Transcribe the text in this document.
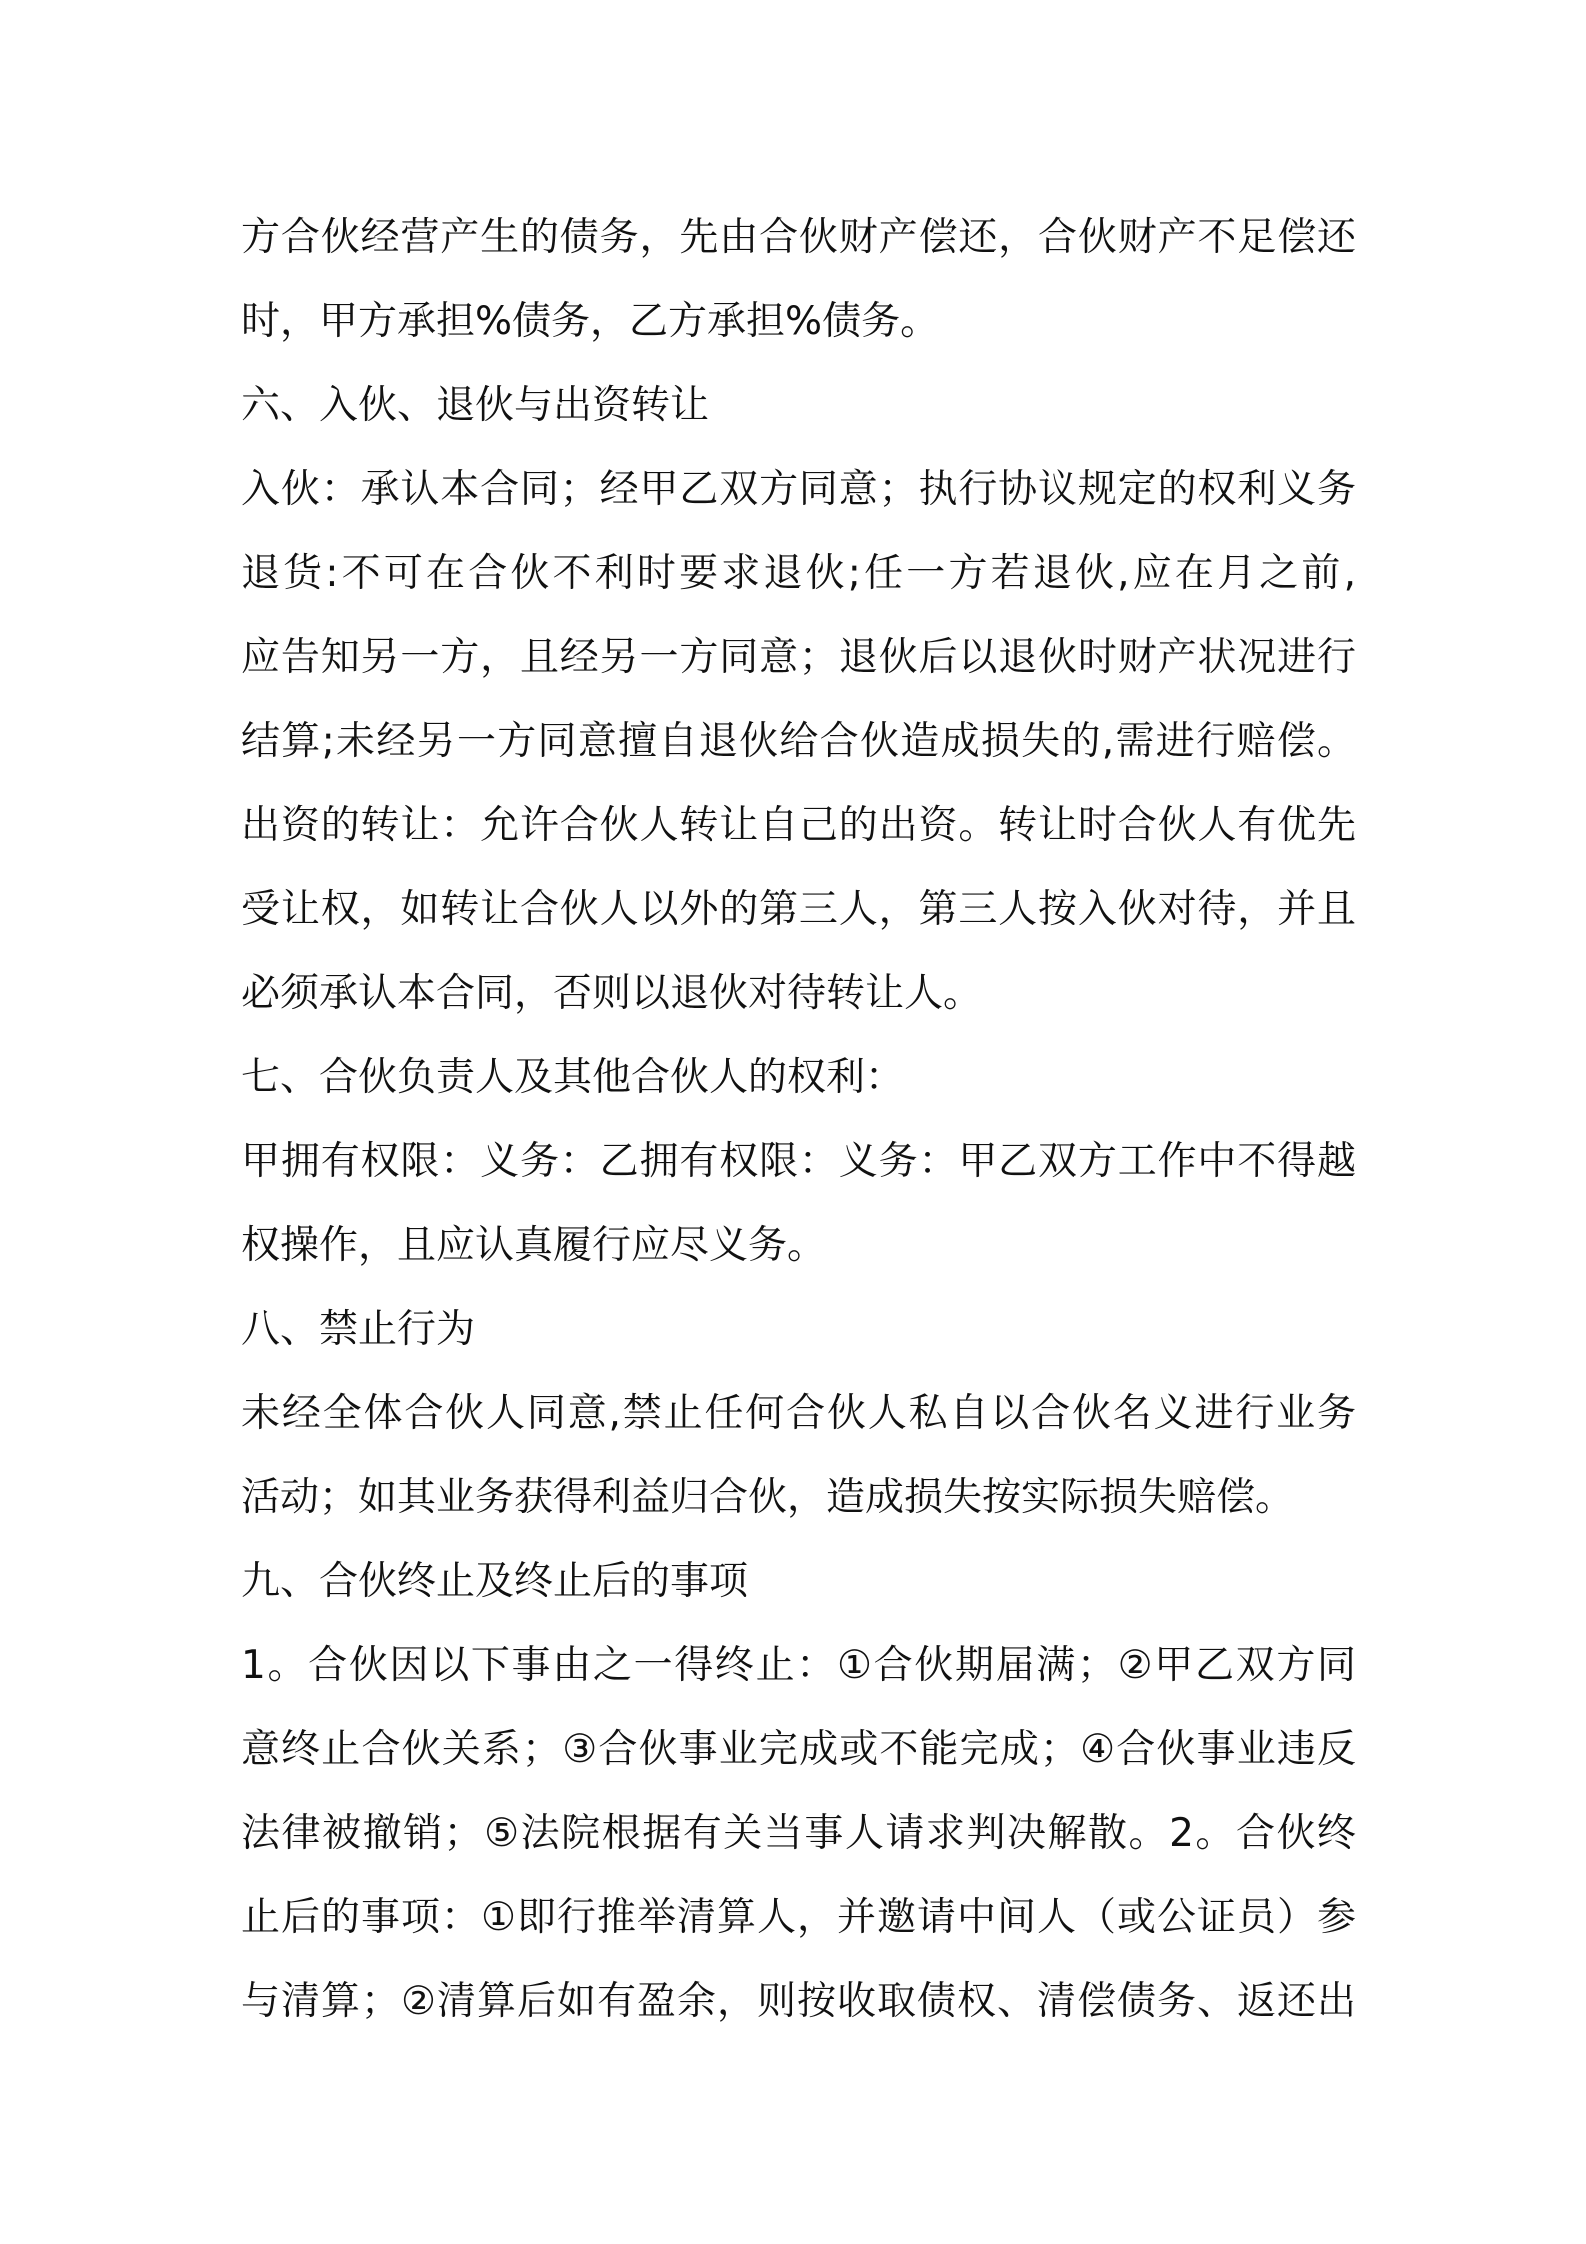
方合伙经营产生的债务，先由合伙财产偿还，合伙财产不足偿还
时，甲方承担%债务，乙方承担%债务。
六、入伙、退伙与出资转让
入伙：承认本合同；经甲乙双方同意；执行协议规定的权利义务
退货:不可在合伙不利时要求退伙;任一方若退伙,应在月之前,
应告知另一方，且经另一方同意；退伙后以退伙时财产状况进行
结算;未经另一方同意擅自退伙给合伙造成损失的,需进行赔偿。
出资的转让：允许合伙人转让自己的出资。转让时合伙人有优先
受让权，如转让合伙人以外的第三人，第三人按入伙对待，并且
必须承认本合同，否则以退伙对待转让人。
七、合伙负责人及其他合伙人的权利：
甲拥有权限：义务：乙拥有权限：义务：甲乙双方工作中不得越
权操作，且应认真履行应尽义务。
八、禁止行为
未经全体合伙人同意,禁止任何合伙人私自以合伙名义进行业务
活动；如其业务获得利益归合伙，造成损失按实际损失赔偿。
九、合伙终止及终止后的事项
1。合伙因以下事由之一得终止：①合伙期届满；②甲乙双方同
意终止合伙关系；③合伙事业完成或不能完成；④合伙事业违反
法律被撤销；⑤法院根据有关当事人请求判决解散。2。合伙终
止后的事项：①即行推举清算人，并邀请中间人（或公证员）参
与清算；②清算后如有盈余，则按收取债权、清偿债务、返还出
